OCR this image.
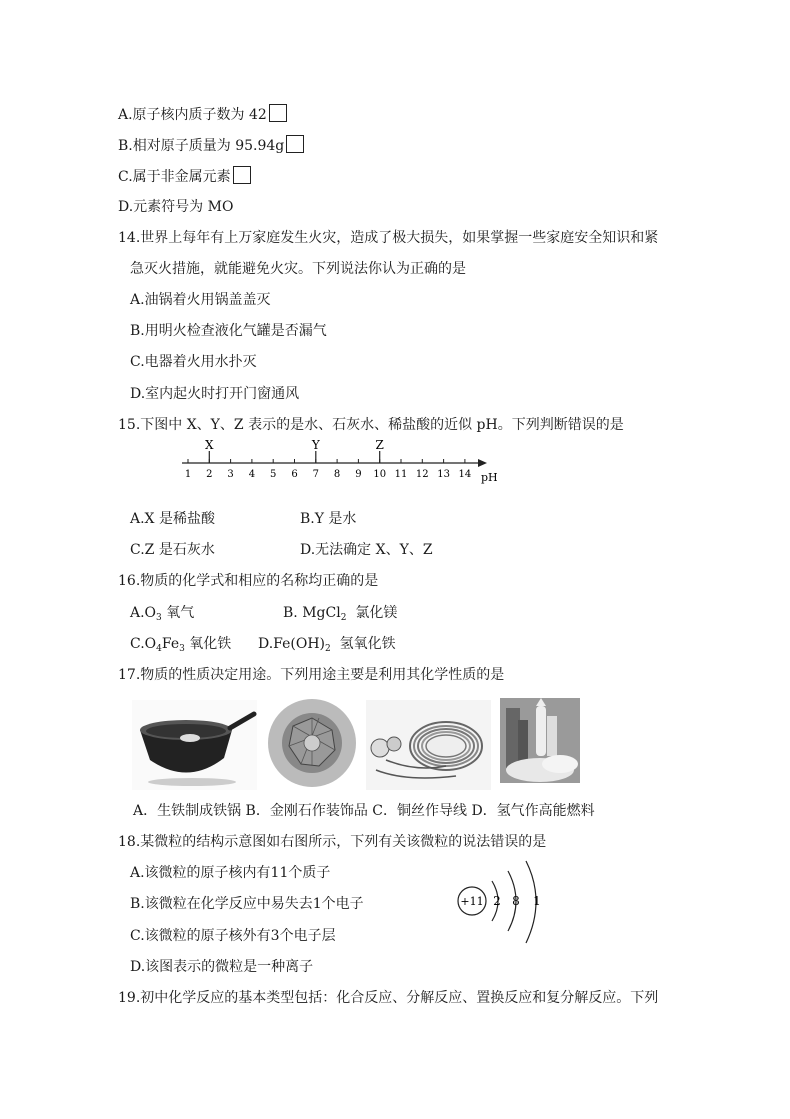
A.原子核内质子数为 42
B.相对原子质量为 95.94g
C.属于非金属元素
D.元素符号为 MO
14.世界上每年有上万家庭发生火灾，造成了极大损失，如果掌握一些家庭安全知识和紧
急灭火措施，就能避免火灾。下列说法你认为正确的是
A.油锅着火用锅盖盖灭
B.用明火检查液化气罐是否漏气
C.电器着火用水扑灭
D.室内起火时打开门窗通风
15.下图中 X、Y、Z 表示的是水、石灰水、稀盐酸的近似 pH。下列判断错误的是
1 2 3 4 5 6 7 8 9 10 11 12 13 14
X	Y	Z
pH
A.X 是稀盐酸	B.Y 是水
C.Z 是石灰水	D.无法确定 X、Y、Z
16.物质的化学式和相应的名称均正确的是
$A.O_3$ 氧气	B. MgCl$_2$ 氯化镁
$C.O_4Fe_3$ 氧化铁 $D.Fe(OH)_2$ 氢氧化铁
17.物质的性质决定用途。下列用途主要是利用其化学性质的是
A．生铁制成铁锅 B．金刚石作装饰品 C．铜丝作导线 D．氢气作高能燃料
18.某微粒的结构示意图如右图所示，下列有关该微粒的说法错误的是
A.该微粒的原子核内有11个质子
B.该微粒在化学反应中易失去1个电子
C.该微粒的原子核外有3个电子层
D.该图表示的微粒是一种离子
+11 2 8 1
19.初中化学反应的基本类型包括：化合反应、分解反应、置换反应和复分解反应。下列
